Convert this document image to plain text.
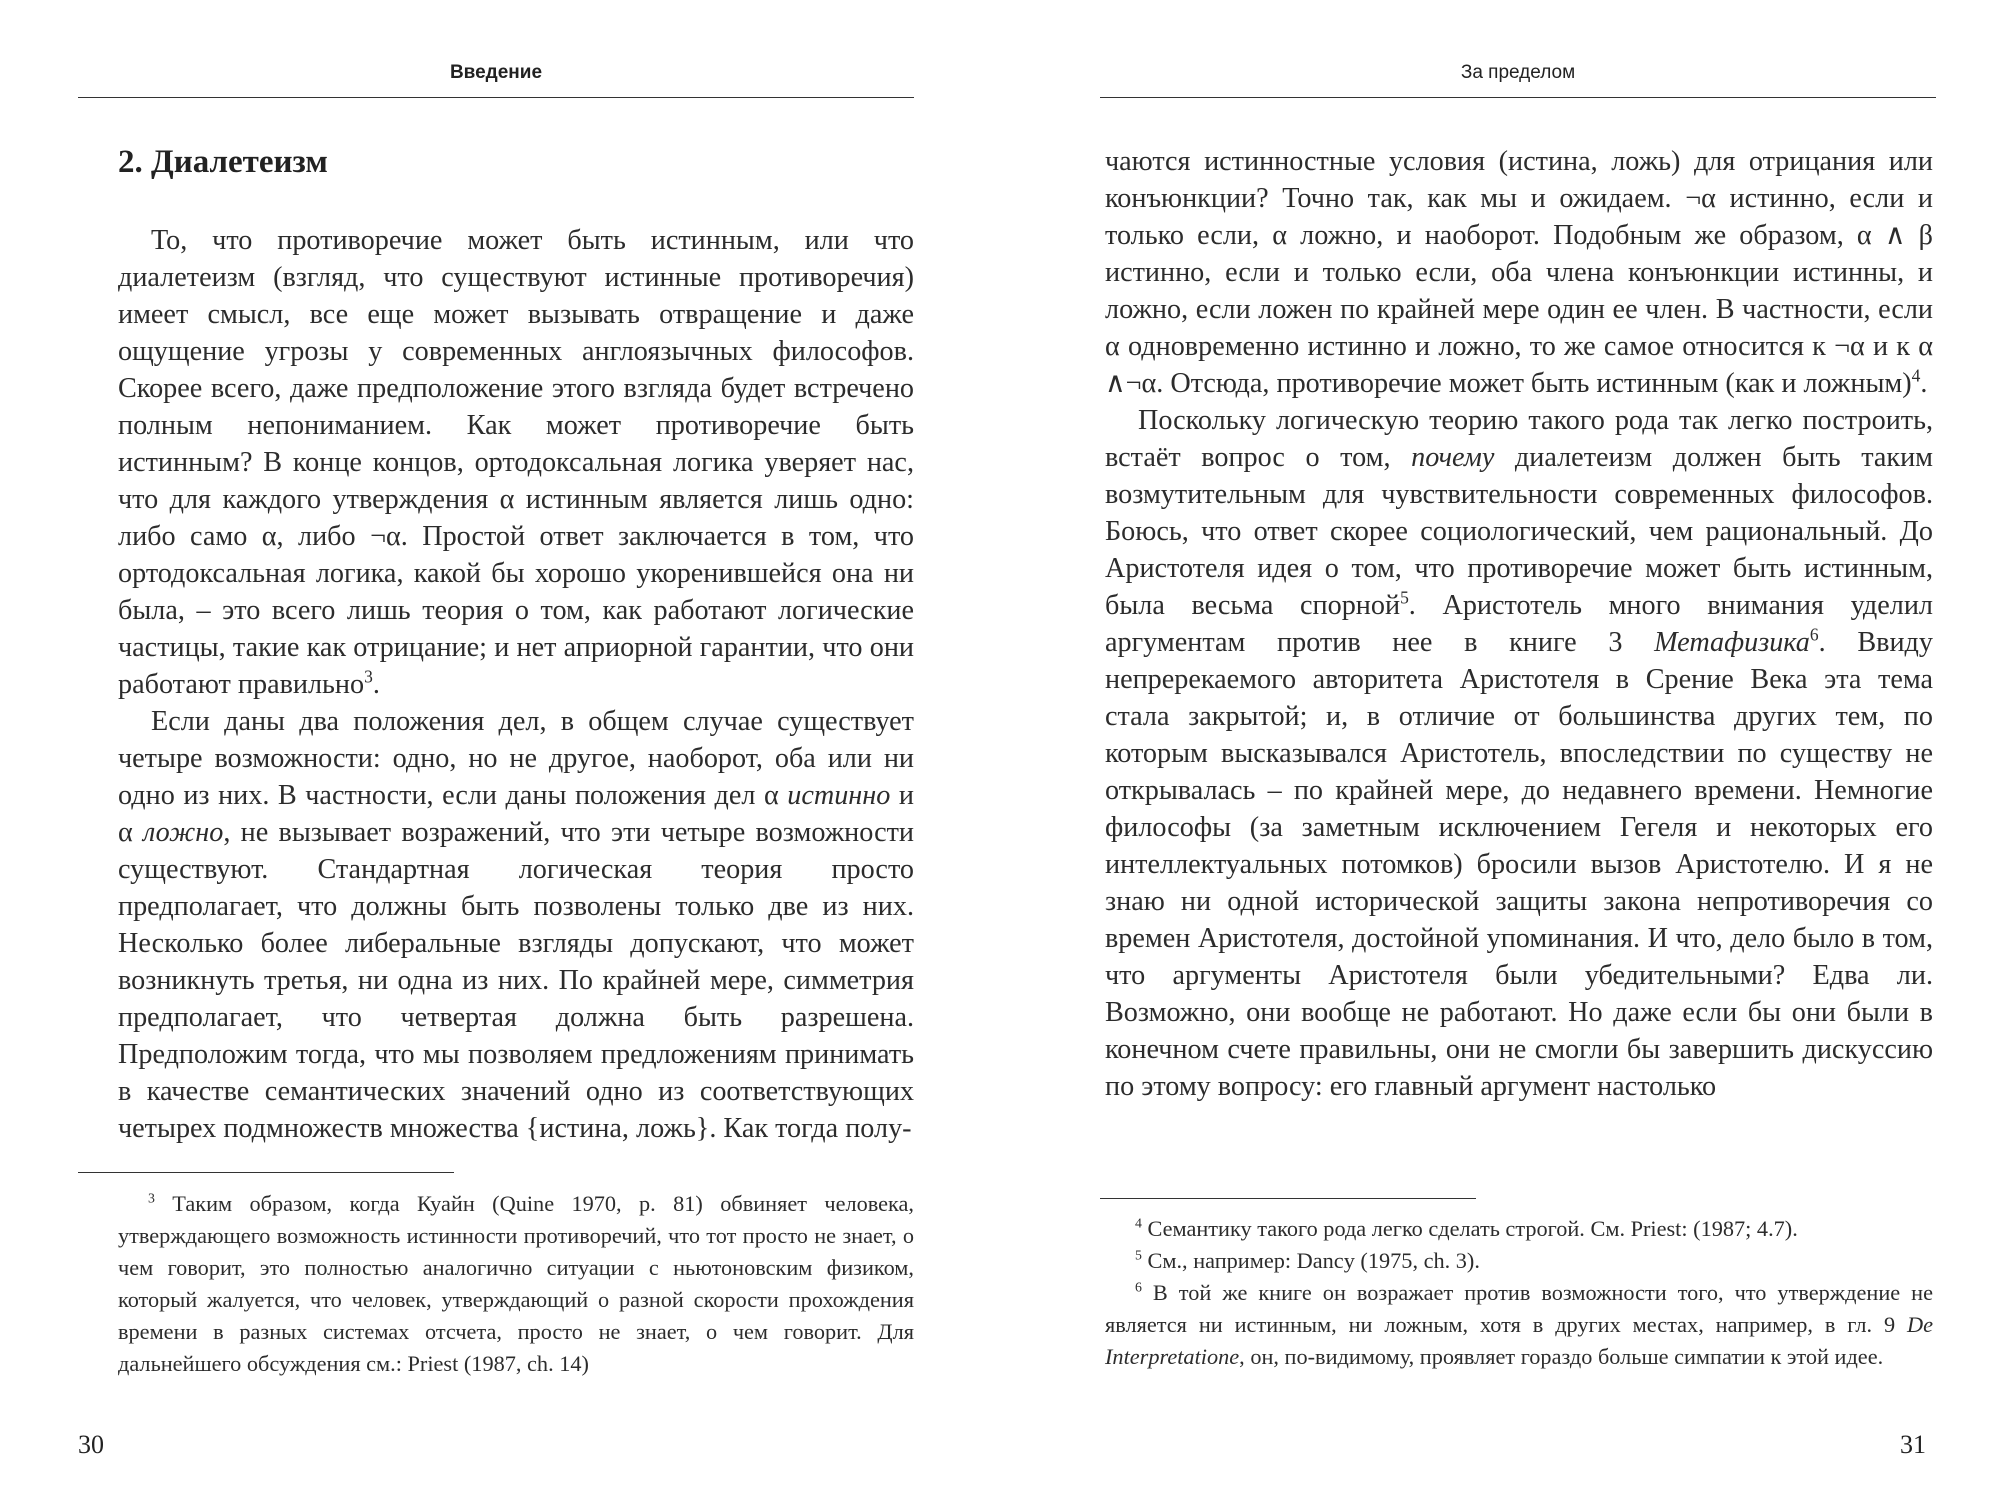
Введение
2. Диалетеизм

То, что противоречие может быть истинным, или что диалетеизм (взгляд, что существуют истинные противоречия) имеет смысл, все еще может вызывать отвращение и даже ощущение угрозы у современных англоязычных философов. Скорее всего, даже предположение этого взгляда будет встречено полным непониманием. Как может противоречие быть истинным? В конце концов, ортодоксальная логика уверяет нас, что для каждого утверждения α истинным является лишь одно: либо само α, либо ¬α. Простой ответ заключается в том, что ортодоксальная логика, какой бы хорошо укоренившейся она ни была, – это всего лишь теория о том, как работают логические частицы, такие как отрицание; и нет априорной гарантии, что они работают правильно$^3$.

Если даны два положения дел, в общем случае существует четыре возможности: одно, но не другое, наоборот, оба или ни одно из них. В частности, если даны положения дел α истинно и α ложно, не вызывает возражений, что эти четыре возможности существуют. Стандартная логическая теория просто предполагает, что должны быть позволены только две из них. Несколько более либеральные взгляды допускают, что может возникнуть третья, ни одна из них. По крайней мере, симметрия предполагает, что четвертая должна быть разрешена. Предположим тогда, что мы позволяем предложениям принимать в качестве семантических значений одно из соответствующих четырех подмножеств множества {истина, ложь}. Как тогда полу-

$^3$ Таким образом, когда Куайн (Quine 1970, p. 81) обвиняет человека, утверждающего возможность истинности противоречий, что тот просто не знает, о чем говорит, это полностью аналогично ситуации с ньютоновским физиком, который жалуется, что человек, утверждающий о разной скорости прохождения времени в разных системах отсчета, просто не знает, о чем говорит. Для дальнейшего обсуждения см.: Priest (1987, ch. 14)

30
За пределом

чаются истинностные условия (истина, ложь) для отрицания или конъюнкции? Точно так, как мы и ожидаем. ¬α истинно, если и только если, α ложно, и наоборот. Подобным же образом, α ∧ β истинно, если и только если, оба члена конъюнкции истинны, и ложно, если ложен по крайней мере один ее член. В частности, если α одновременно истинно и ложно, то же самое относится к ¬α и к α ∧¬α. Отсюда, противоречие может быть истинным (как и ложным)$^4$.

Поскольку логическую теорию такого рода так легко построить, встаёт вопрос о том, почему диалетеизм должен быть таким возмутительным для чувствительности современных философов. Боюсь, что ответ скорее социологический, чем рациональный. До Аристотеля идея о том, что противоречие может быть истинным, была весьма спорной$^5$. Аристотель много внимания уделил аргументам против нее в книге 3 Метафизика$^6$. Ввиду непререкаемого авторитета Аристотеля в Срение Века эта тема стала закрытой; и, в отличие от большинства других тем, по которым высказывался Аристотель, впоследствии по существу не открывалась – по крайней мере, до недавнего времени. Немногие философы (за заметным исключением Гегеля и некоторых его интеллектуальных потомков) бросили вызов Аристотелю. И я не знаю ни одной исторической защиты закона непротиворечия со времен Аристотеля, достойной упоминания. И что, дело было в том, что аргументы Аристотеля были убедительными? Едва ли. Возможно, они вообще не работают. Но даже если бы они были в конечном счете правильны, они не смогли бы завершить дискуссию по этому вопросу: его главный аргумент настолько

$^4$ Семантику такого рода легко сделать строгой. См. Priest: (1987; 4.7).

$^5$ См., например: Dancy (1975, ch. 3).

$^6$ В той же книге он возражает против возможности того, что утверждение не является ни истинным, ни ложным, хотя в других местах, например, в гл. 9 De Interpretatione, он, по-видимому, проявляет гораздо больше симпатии к этой идее.

31
